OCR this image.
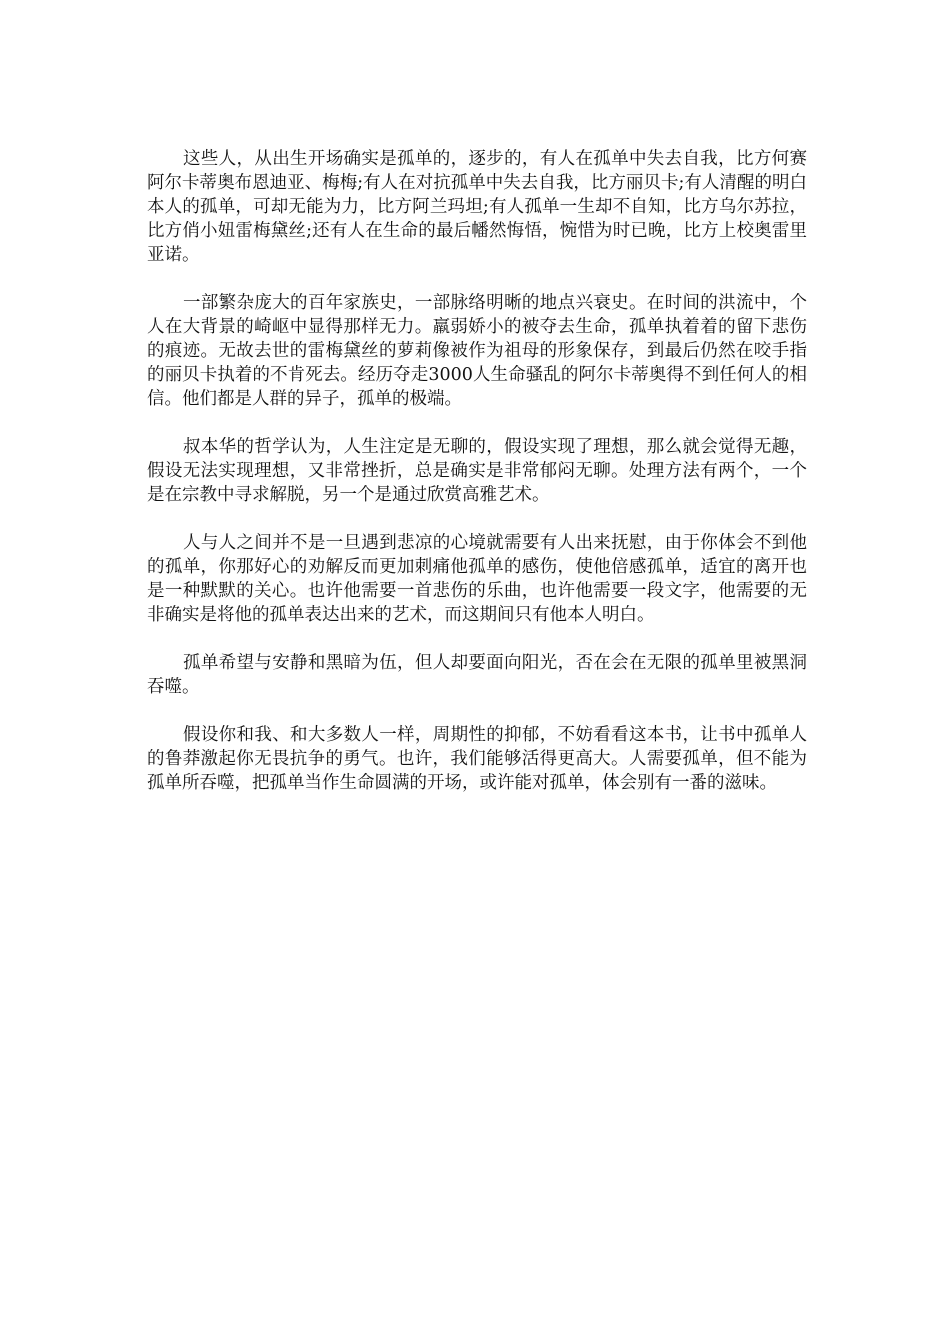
这些人，从出生开场确实是孤单的，逐步的，有人在孤单中失去自我，比方何赛阿尔卡蒂奥布恩迪亚、梅梅;有人在对抗孤单中失去自我，比方丽贝卡;有人清醒的明白本人的孤单，可却无能为力，比方阿兰玛坦;有人孤单一生却不自知，比方乌尔苏拉，比方俏小妞雷梅黛丝;还有人在生命的最后幡然悔悟，惋惜为时已晚，比方上校奥雷里亚诺。

一部繁杂庞大的百年家族史，一部脉络明晰的地点兴衰史。在时间的洪流中，个人在大背景的崎岖中显得那样无力。羸弱娇小的被夺去生命，孤单执着着的留下悲伤的痕迹。无故去世的雷梅黛丝的萝莉像被作为祖母的形象保存，到最后仍然在咬手指的丽贝卡执着的不肯死去。经历夺走3000人生命骚乱的阿尔卡蒂奥得不到任何人的相信。他们都是人群的异子，孤单的极端。

叔本华的哲学认为，人生注定是无聊的，假设实现了理想，那么就会觉得无趣，假设无法实现理想，又非常挫折，总是确实是非常郁闷无聊。处理方法有两个，一个是在宗教中寻求解脱，另一个是通过欣赏高雅艺术。

人与人之间并不是一旦遇到悲凉的心境就需要有人出来抚慰，由于你体会不到他的孤单，你那好心的劝解反而更加刺痛他孤单的感伤，使他倍感孤单，适宜的离开也是一种默默的关心。也许他需要一首悲伤的乐曲，也许他需要一段文字，他需要的无非确实是将他的孤单表达出来的艺术，而这期间只有他本人明白。

孤单希望与安静和黑暗为伍，但人却要面向阳光，否在会在无限的孤单里被黑洞吞噬。

假设你和我、和大多数人一样，周期性的抑郁，不妨看看这本书，让书中孤单人的鲁莽激起你无畏抗争的勇气。也许，我们能够活得更高大。人需要孤单，但不能为孤单所吞噬，把孤单当作生命圆满的开场，或许能对孤单，体会别有一番的滋味。
